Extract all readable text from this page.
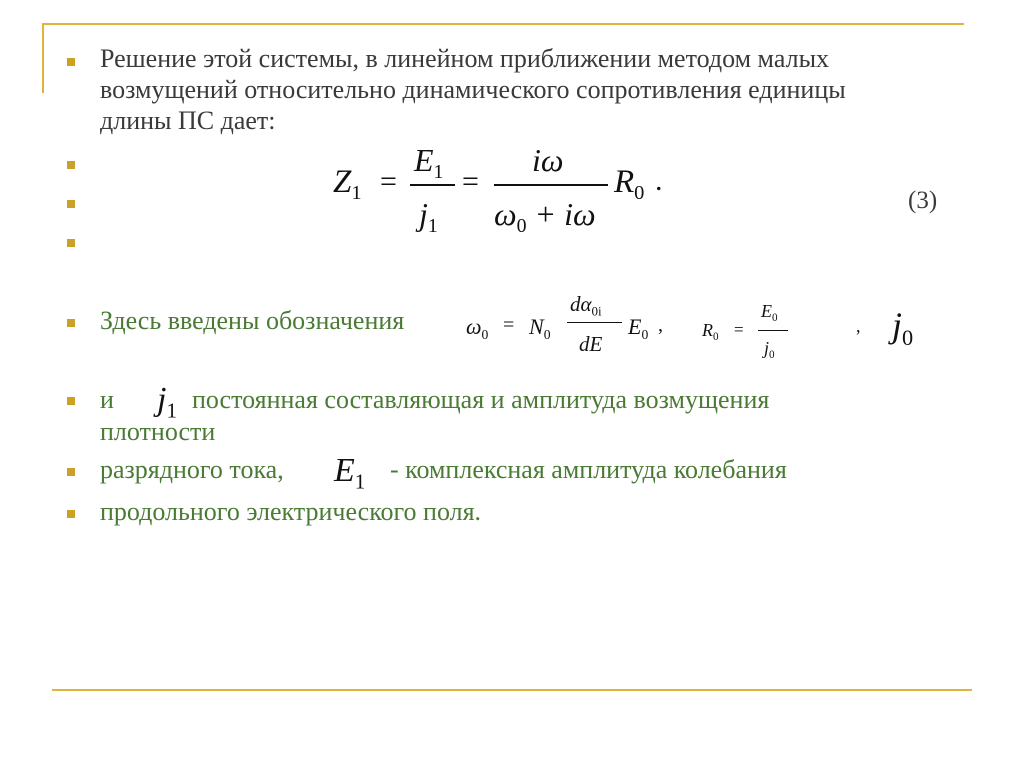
Решение этой системы, в линейном приближении методом малых
возмущений относительно динамического сопротивления единицы
длины ПС дает:
$Z_1$ =
$E_1$
$j_1$
=
iω
$\omega_0 + i\omega$
$R_0$ .
(3)
Здесь введены обозначения	$\omega_0 = N_0$
$d\alpha_{0i}$
dE
$E_0$ , $R_0$ =
$E_0$
$j_0$
, $j_0$
и $j_1$ постоянная составляющая и амплитуда возмущения
плотности
разрядного тока, $E_1$ - комплексная амплитуда колебания
продольного электрического поля.
